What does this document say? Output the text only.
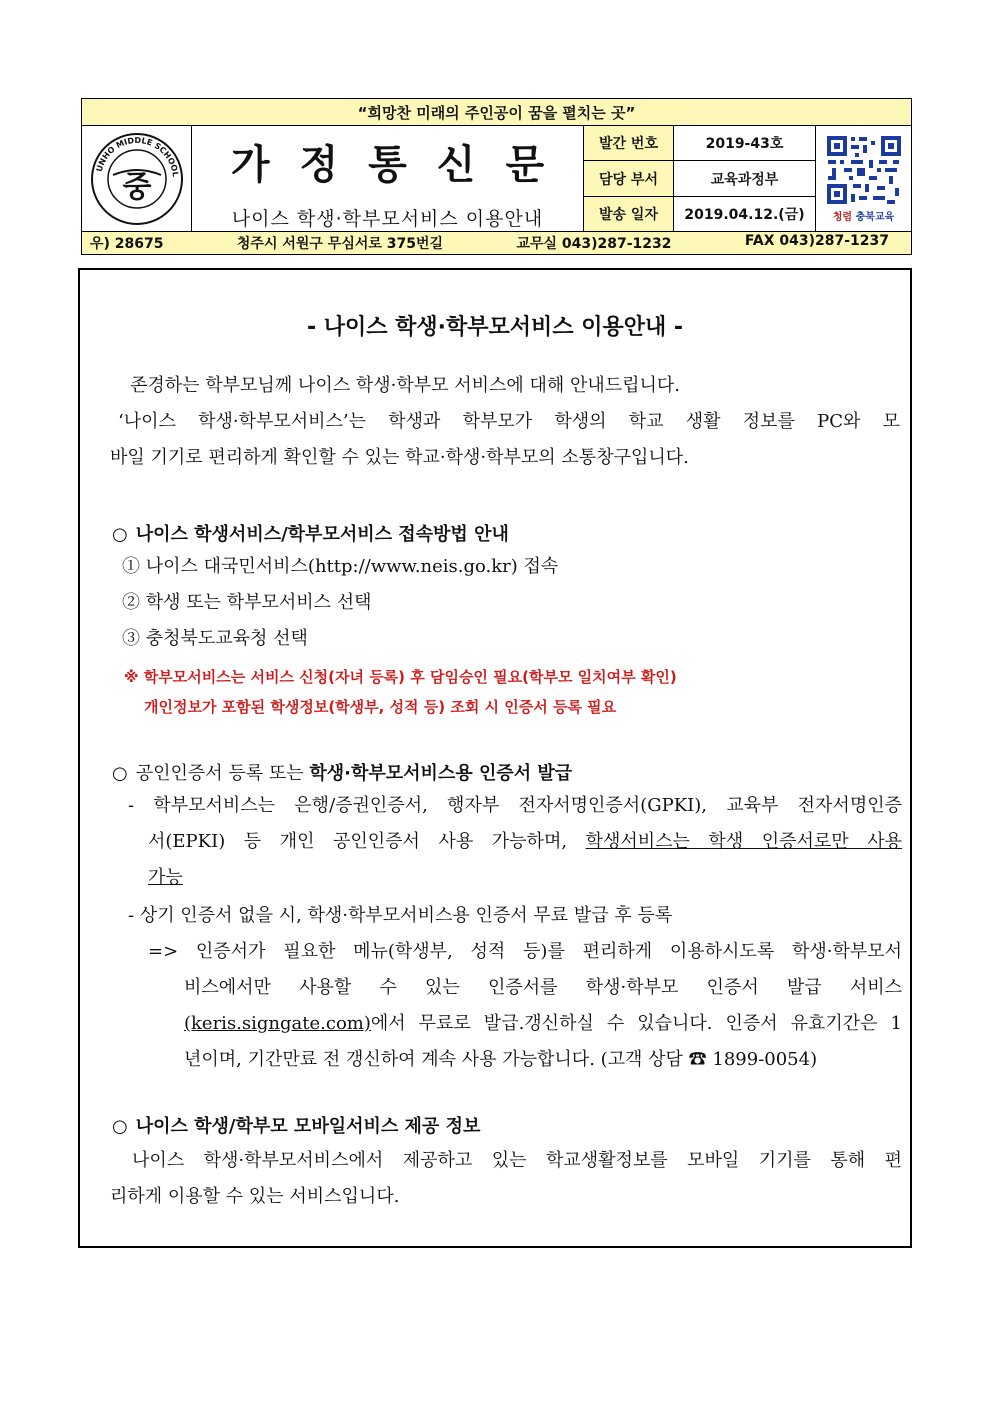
“희망찬 미래의 주인공이 꿈을 펼치는 곳”				

UNHO MIDDLE SCHOOL
중	가정통신문
나이스 학생·학부모서비스 이용안내	발간 번호	2019-43호	청렴 충북교육

		담당 부서	교육과정부	
		발송 일자	2019.04.12.(금)	

우) 28675 청주시 서원구 무심서로 375번길 교무실 043)287-1232 FAX 043)287-1237				
- 나이스 학생·학부모서비스 이용안내 -
존경하는 학부모님께 나이스 학생·학부모 서비스에 대해 안내드립니다.
‘나이스 학생·학부모서비스’는 학생과 학부모가 학생의 학교 생활 정보를 PC와 모
바일 기기로 편리하게 확인할 수 있는 학교·학생·학부모의 소통창구입니다.
○ 나이스 학생서비스/학부모서비스 접속방법 안내
① 나이스 대국민서비스(http://www.neis.go.kr) 접속
② 학생 또는 학부모서비스 선택
③ 충청북도교육청 선택
※ 학부모서비스는 서비스 신청(자녀 등록) 후 담임승인 필요(학부모 일치여부 확인)
개인정보가 포함된 학생정보(학생부, 성적 등) 조회 시 인증서 등록 필요
○ 공인인증서 등록 또는 학생·학부모서비스용 인증서 발급
- 학부모서비스는 은행/증권인증서, 행자부 전자서명인증서(GPKI), 교육부 전자서명인증
서(EPKI) 등 개인 공인인증서 사용 가능하며, 학생서비스는 학생 인증서로만 사용
가능
- 상기 인증서 없을 시, 학생·학부모서비스용 인증서 무료 발급 후 등록
=> 인증서가 필요한 메뉴(학생부, 성적 등)를 편리하게 이용하시도록 학생·학부모서
비스에서만 사용할 수 있는 인증서를 학생·학부모 인증서 발급 서비스
(keris.signgate.com) 에서 무료로 발급.갱신하실 수 있습니다. 인증서 유효기간은 1
년이며, 기간만료 전 갱신하여 계속 사용 가능합니다. (고객 상담 ☎ 1899-0054)
○ 나이스 학생/학부모 모바일서비스 제공 정보
나이스 학생·학부모서비스에서 제공하고 있는 학교생활정보를 모바일 기기를 통해 편
리하게 이용할 수 있는 서비스입니다.
